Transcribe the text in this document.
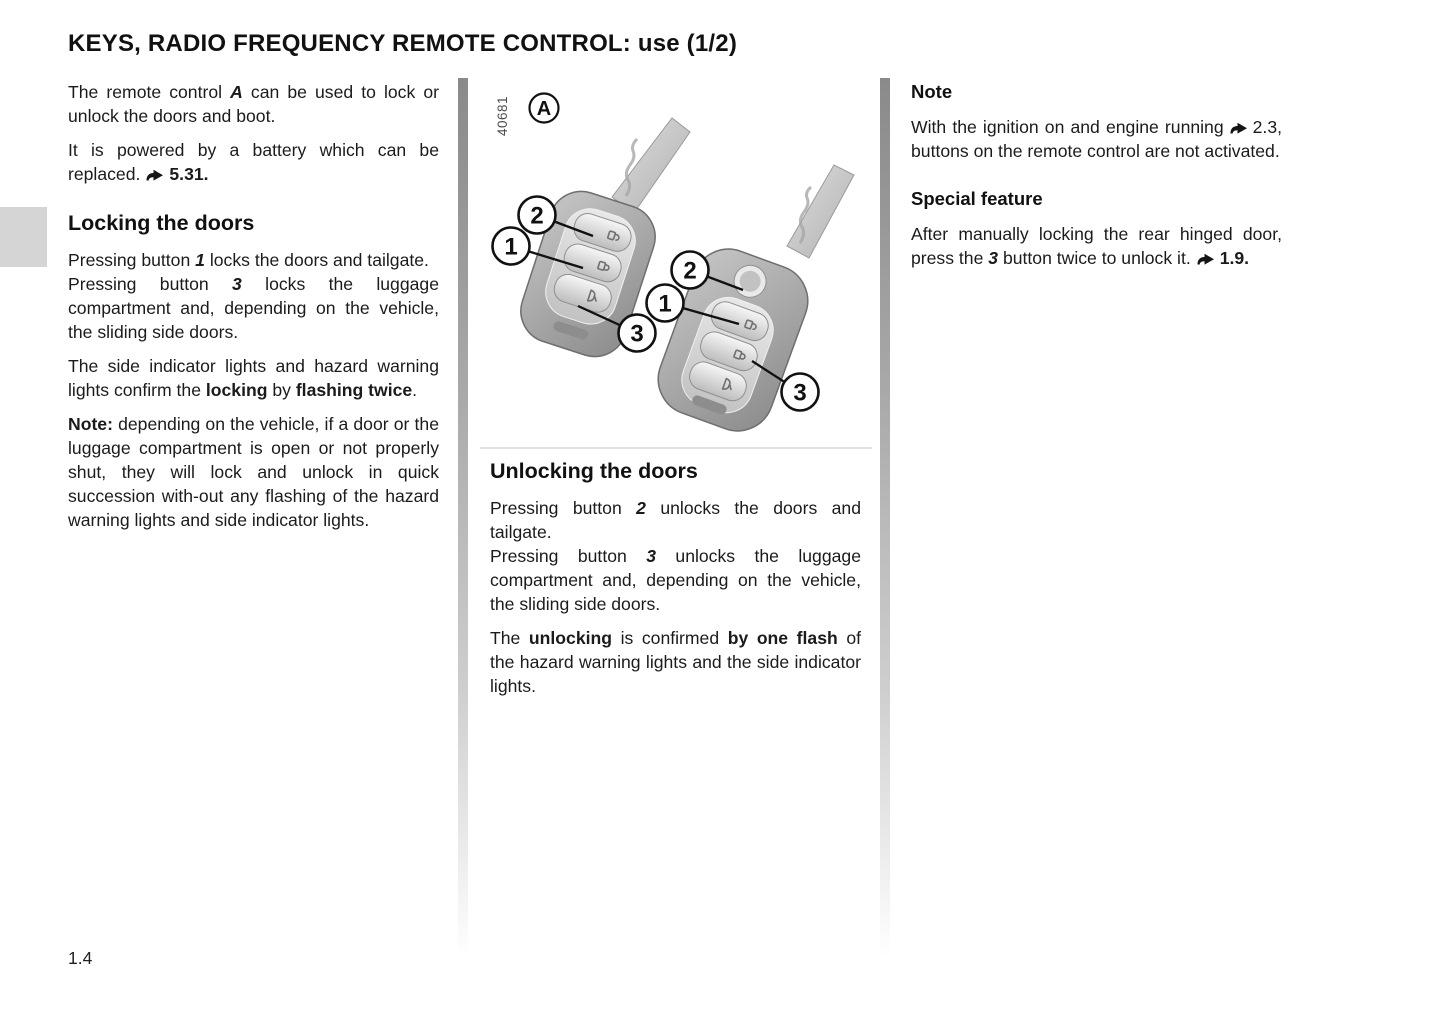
KEYS, RADIO FREQUENCY REMOTE CONTROL: use (1/2)

The remote control A can be used to lock or unlock the doors and boot.

It is powered by a battery which can be replaced. 5.31.

Locking the doors

Pressing button 1 locks the doors and tailgate.

Pressing button 3 locks the luggage compartment and, depending on the vehicle, the sliding side doors.

The side indicator lights and hazard warning lights confirm the locking by flashing twice.

Note: depending on the vehicle, if a door or the luggage compartment is open or not properly shut, they will lock and unlock in quick succession with-out any flashing of the hazard warning lights and side indicator lights.

40681 A
2
1
3
2
1
3
Unlocking the doors

Pressing button 2 unlocks the doors and tailgate.

Pressing button 3 unlocks the luggage compartment and, depending on the vehicle, the sliding side doors.

The unlocking is confirmed by one flash of the hazard warning lights and the side indicator lights.

Note

With the ignition on and engine running 2.3, buttons on the remote control are not activated.

Special feature

After manually locking the rear hinged door, press the 3 button twice to unlock it. 1.9.

1.4
